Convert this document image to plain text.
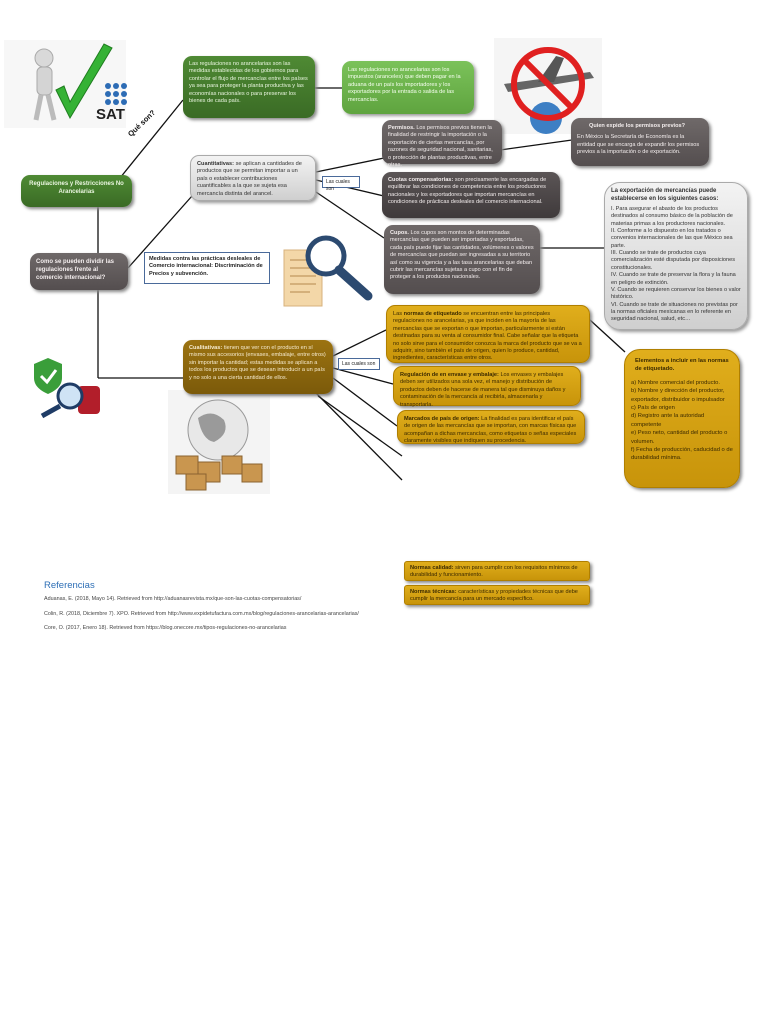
SAT
Regulaciones y Restricciones No Arancelarias
Qué son?
Como se pueden dividir las regulaciones frente al comercio internacional?
Las regulaciones no arancelarias son las medidas establecidas de los gobiernos para controlar el flujo de mercancías entre los países ya sea para proteger la planta productiva y las economías nacionales o para preservar los bienes de cada país.
Las regulaciones no arancelarias son los impuestos (aranceles) que deben pagar en la aduana de un país los importadores y los exportadores por la entrada o salida de las mercancías.
Cuantitativas: se aplican a cantidades de productos que se permitan importar a un país o establecer contribuciones cuantificables a la que se sujeta esa mercancía distinta del arancel.
Las cuales son
Permisos. Los permisos previos tienen la finalidad de restringir la importación o la exportación de ciertas mercancías, por razones de seguridad nacional, sanitarias, o protección de plantas productivas, entre otras.
Quien expide los permisos previos?
En México la Secretaría de Economía es la entidad que se encarga de expandir los permisos previos a la importación o de exportación.
Cuotas compensatorias: son precisamente las encargadas de equilibrar las condiciones de competencia entre los productores nacionales y los exportadores que importan mercancías en condiciones de prácticas desleales del comercio internacional.
Cupos. Los cupos son montos de determinadas mercancías que pueden ser importadas y exportadas, cada país puede fijar las cantidades, volúmenes o valores de mercancías que puedan ser ingresadas a su territorio así como su vigencia y a las tasa arancelarias que deban cubrir las mercancías sujetas a cupo con el fin de proteger a los productos nacionales.
Medidas contra las prácticas desleales de Comercio internacional: Discriminación de Precios y subvención.
La exportación de mercancías puede establecerse en los siguientes casos:
I. Para asegurar el abasto de los productos destinados al consumo básico de la población de materias primas a los productores nacionales.
II. Conforme a lo dispuesto en los tratados o convenios internacionales de las que México sea parte.
III. Cuando se trate de productos cuya comercialización esté disputada por disposiciones constitucionales.
IV. Cuando se trate de preservar la flora y la fauna en peligro de extinción.
V. Cuando se requieren conservar los bienes o valor histórico.
VI. Cuando se trate de situaciones no previstas por la normas oficiales mexicanas en lo referente en seguridad nacional, salud, etc…
Cualitativas: tienen que ver con el producto en sí mismo sus accesorios (envases, embalaje, entre otros) sin importar la cantidad; estas medidas se aplican a todos los productos que se desean introducir a un país y no solo a una cierta cantidad de ellos.
Las cuales son
Las normas de etiquetado se encuentran entre las principales regulaciones no arancelarias, ya que inciden en la mayoría de las mercancías que se exportan o que importan, particularmente si están destinadas para su venta al consumidor final. Cabe señalar que la etiqueta no solo sirve para el consumidor conozca la marca del producto que se va a adquirir, sino también el país de origen, quien lo produce, cantidad, ingredientes, características entre otros.
Regulación de en envase y embalaje: Los envases y embalajes deben ser utilizados una sola vez, el manejo y distribución de productos deben de hacerse de manera tal que disminuya daños y contaminación de la mercancía al recibirla, almacenarla y transportarla.
Marcados de país de origen: La finalidad es para identificar el país de origen de las mercancías que se importan, con marcas físicas que acompañan a dichas mercancías, como etiquetas o señas especiales claramente visibles que indiquen su procedencia.
Elementos a incluir en las normas de etiquetado.
a) Nombre comercial del producto.
b) Nombre y dirección del productor, exportador, distribuidor o impulsador
c) País de origen
d) Registro ante la autoridad competente
e) Peso neto, cantidad del producto o volumen.
f) Fecha de producción, caducidad o de durabilidad mínima.
Normas calidad: sirven para cumplir con los requisitos mínimos de durabilidad y funcionamiento.
Normas técnicas: características y propiedades técnicas que debe cumplir la mercancía para un mercado específico.
Referencias
Aduanas, E. (2018, Mayo 14). Retrieved from http://aduanasrevista.mx/que-son-las-cuotas-compensatorias/
Colin, R. (2018, Diciembre 7). XPO. Retrieved from http://www.expidetufactura.com.mx/blog/regulaciones-arancelarias-arancelarias/
Core, O. (2017, Enero 18). Retrieved from https://blog.onecore.mx/tipos-regulaciones-no-arancelarias
